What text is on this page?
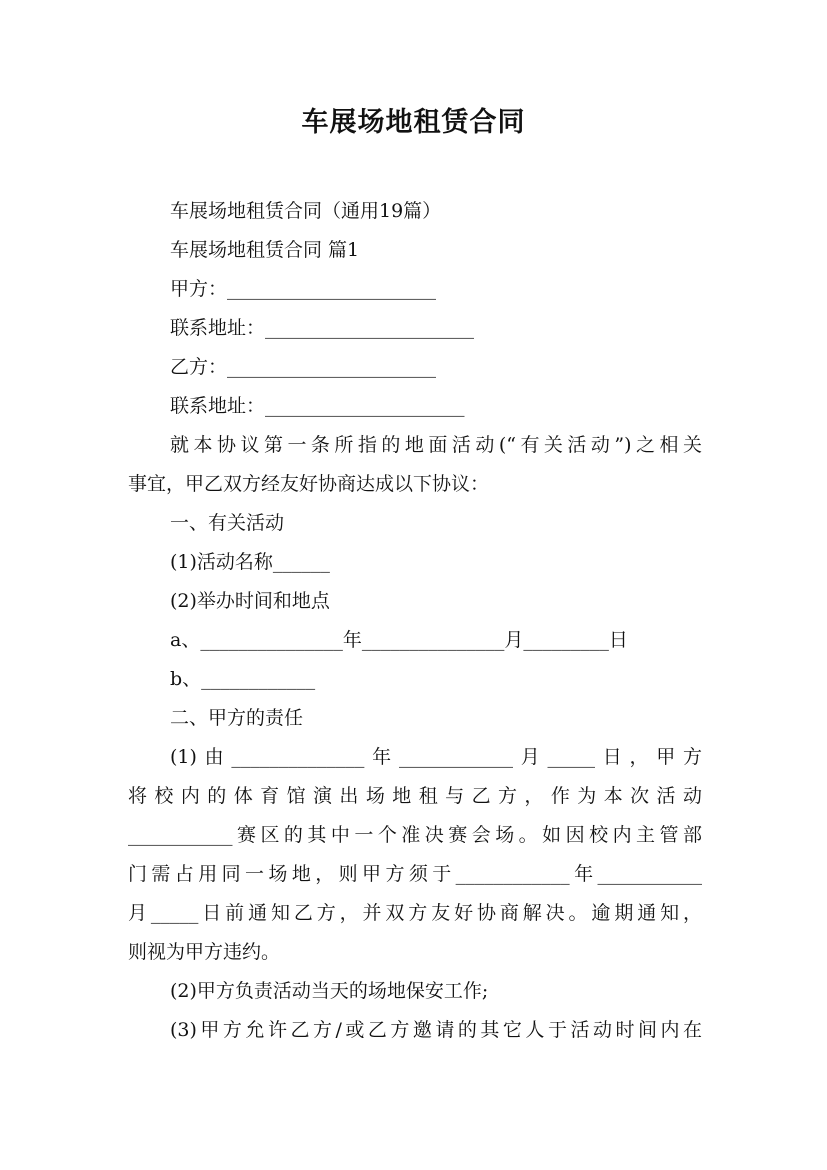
车展场地租赁合同
车展场地租赁合同（通用19篇）
车展场地租赁合同 篇1
甲方：______________________
联系地址：______________________
乙方：______________________
联系地址：_____________________
就本协议第一条所指的地面活动(“有关活动”)之相关
事宜，甲乙双方经友好协商达成以下协议：
一、有关活动
(1)活动名称______
(2)举办时间和地点
a、_______________年_______________月_________日
b、____________
二、甲方的责任
(1)由______________年____________月_____日，甲方
将校内的体育馆演出场地租与乙方，作为本次活动
___________赛区的其中一个准决赛会场。如因校内主管部
门需占用同一场地，则甲方须于____________年___________
月_____日前通知乙方，并双方友好协商解决。逾期通知，
则视为甲方违约。
(2)甲方负责活动当天的场地保安工作;
(3)甲方允许乙方/或乙方邀请的其它人于活动时间内在
